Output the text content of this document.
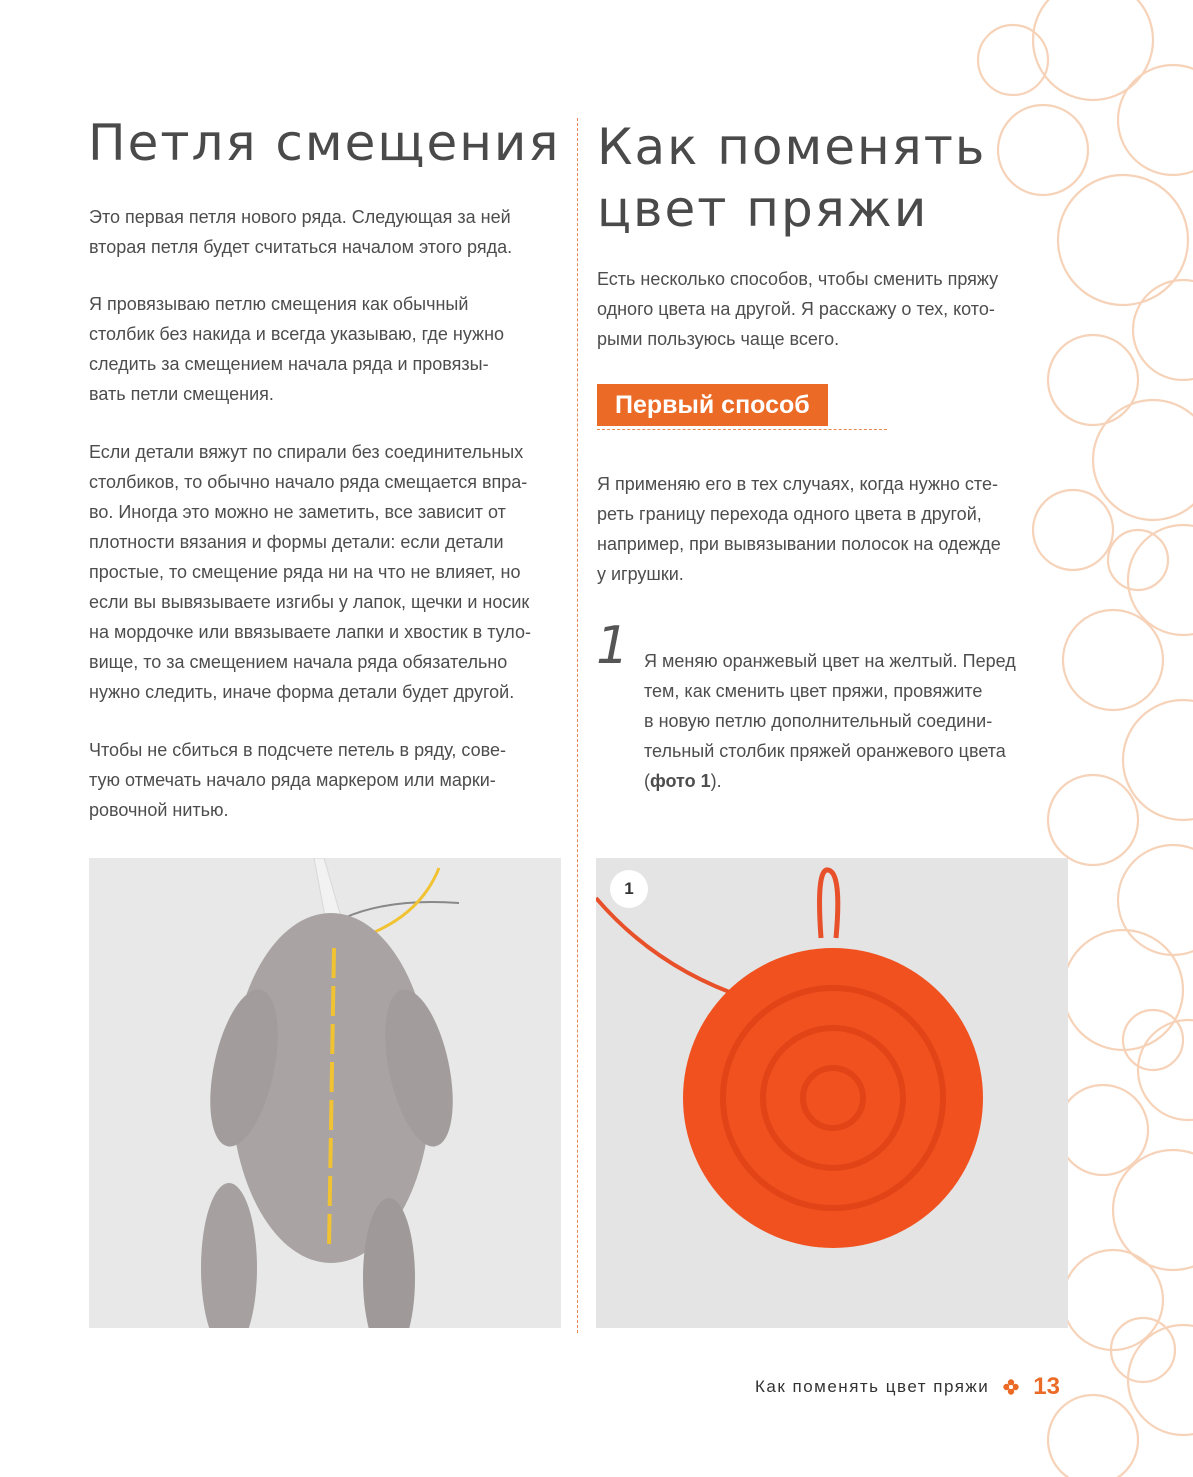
Петля смещения

Это первая петля нового ряда. Следующая за ней
вторая петля будет считаться началом этого ряда.

Я провязываю петлю смещения как обычный
столбик без накида и всегда указываю, где нужно
следить за смещением начала ряда и провязы-
вать петли смещения.

Если детали вяжут по спирали без соединительных
столбиков, то обычно начало ряда смещается впра-
во. Иногда это можно не заметить, все зависит от
плотности вязания и формы детали: если детали
простые, то смещение ряда ни на что не влияет, но
если вы вывязываете изгибы у лапок, щечки и носик
на мордочке или ввязываете лапки и хвостик в туло-
вище, то за смещением начала ряда обязательно
нужно следить, иначе форма детали будет другой.

Чтобы не сбиться в подсчете петель в ряду, сове-
тую отмечать начало ряда маркером или марки-
ровочной нитью.

Как поменять
цвет пряжи

Есть несколько способов, чтобы сменить пряжу
одного цвета на другой. Я расскажу о тех, кото-
рыми пользуюсь чаще всего.

Первый способ

Я применяю его в тех случаях, когда нужно сте-
реть границу перехода одного цвета в другой,
например, при вывязывании полосок на одежде
у игрушки.

1 Я меняю оранжевый цвет на желтый. Перед
тем, как сменить цвет пряжи, провяжите
в новую петлю дополнительный соедини-
тельный столбик пряжей оранжевого цвета
(фото 1).

1
Как поменять цвет пряжи 13
